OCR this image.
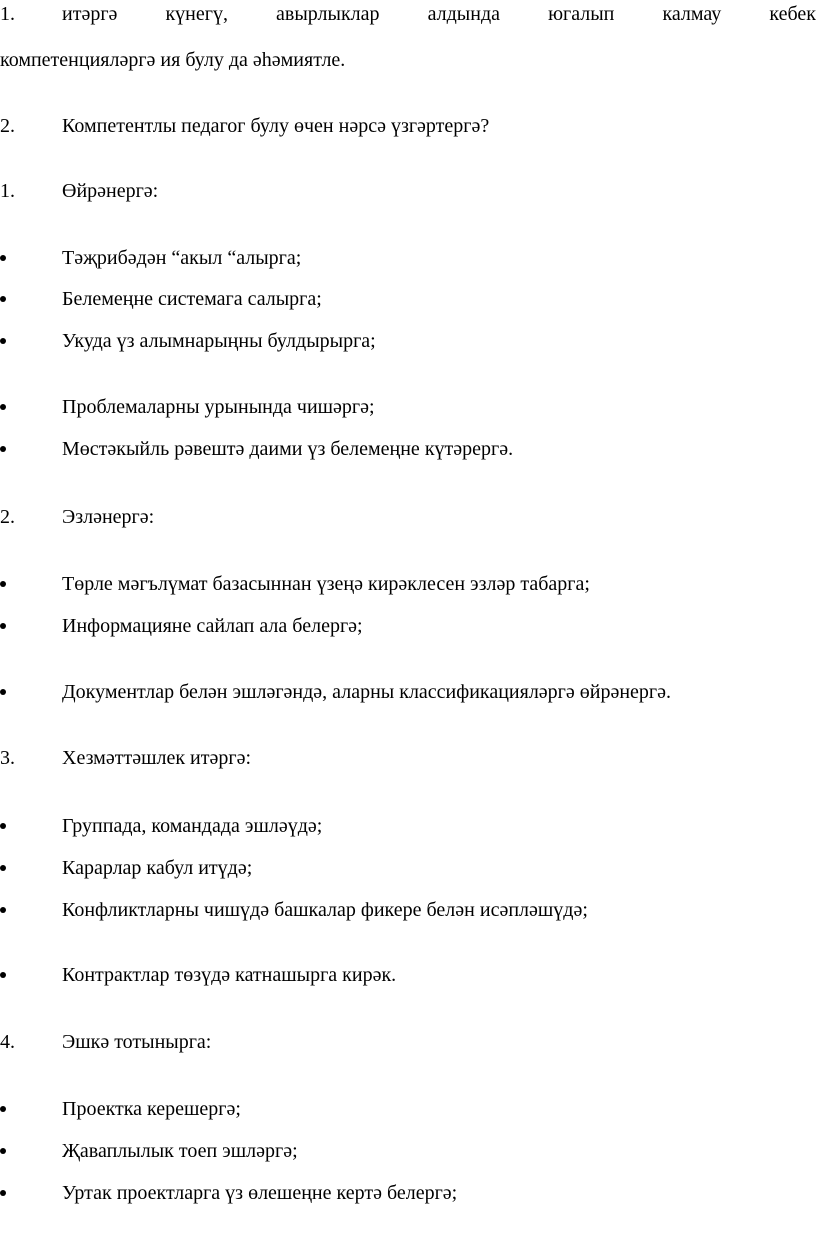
1. итәргә күнегү, авырлыклар алдында югалып калмау кебек
компетенцияләргә ия булу да әһәмиятле.
2. Компетентлы педагог булу өчен нәрсә үзгәртергә?
1. Өйрәнергә:
Тәҗрибәдән “акыл “алырга;
Белемеңне системага салырга;
Укуда үз алымнарыңны булдырырга;
Проблемаларны урынында чишәргә;
Мөстәкыйль рәвештә даими үз белемеңне күтәрергә.
2. Эзләнергә:
Төрле мәгълүмат базасыннан үзеңә кирәклесен эзләр табарга;
Информацияне сайлап ала белергә;
Документлар белән эшләгәндә, аларны классификацияләргә өйрәнергә.
3. Хезмәттәшлек итәргә:
Группада, командада эшләүдә;
Карарлар кабул итүдә;
Конфликтларны чишүдә башкалар фикере белән исәпләшүдә;
Контрактлар төзүдә катнашырга кирәк.
4. Эшкә тотынырга:
Проектка керешергә;
Җаваплылык тоеп эшләргә;
Уртак проектларга үз өлешеңне кертә белергә;
